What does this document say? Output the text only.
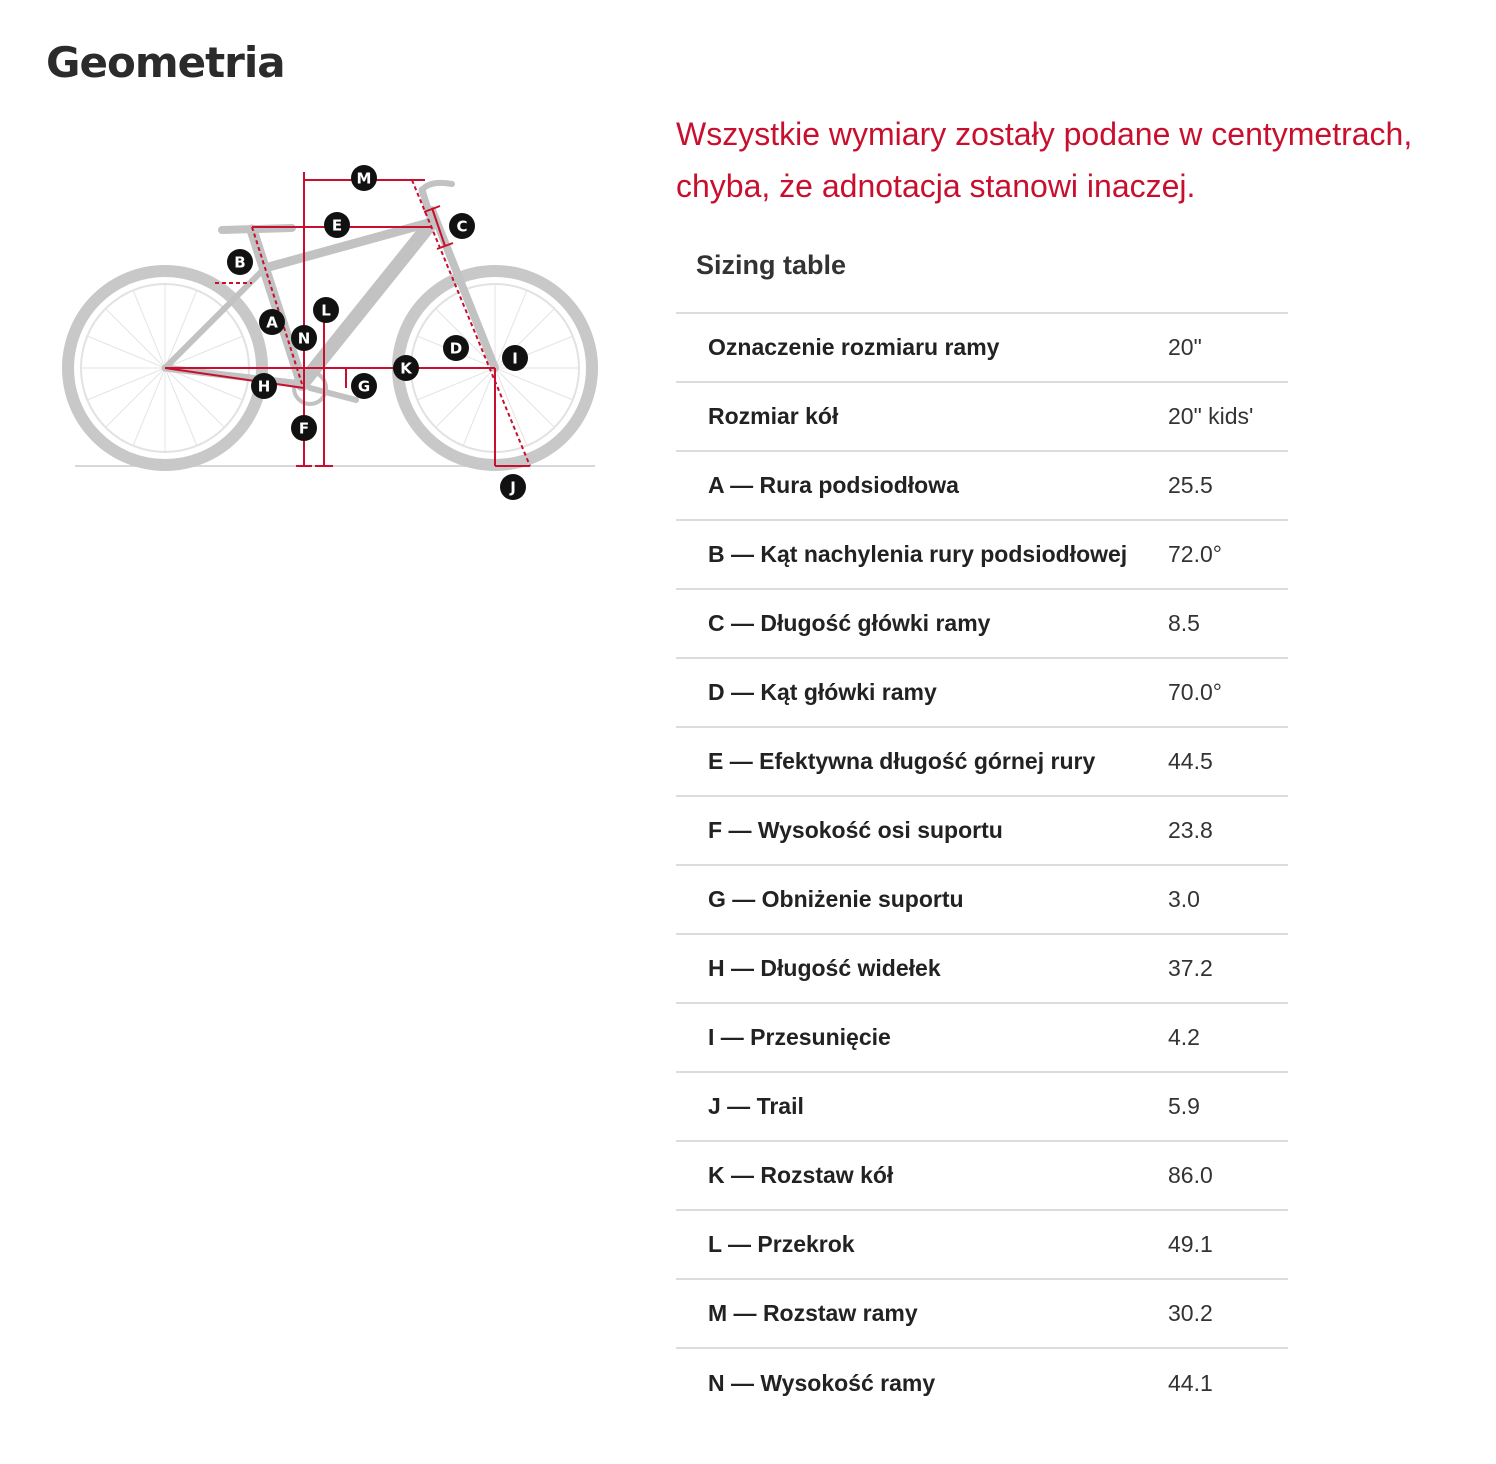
Geometria
M
E	C
B
L
A
N
D
I
K
H	G
F
J

Wszystkie wymiary zostały podane w centymetrach, chyba, że adnotacja stanowi inaczej.

Sizing table
Oznaczenie rozmiaru ramy	20"
Rozmiar kół	20" kids'
A — Rura podsiodłowa	25.5
B — Kąt nachylenia rury podsiodłowej	72.0°
C — Długość główki ramy	8.5
D — Kąt główki ramy	70.0°
E — Efektywna długość górnej rury	44.5
F — Wysokość osi suportu	23.8
G — Obniżenie suportu	3.0
H — Długość widełek	37.2
I — Przesunięcie	4.2
J — Trail	5.9
K — Rozstaw kół	86.0
L — Przekrok	49.1
M — Rozstaw ramy	30.2
N — Wysokość ramy	44.1
